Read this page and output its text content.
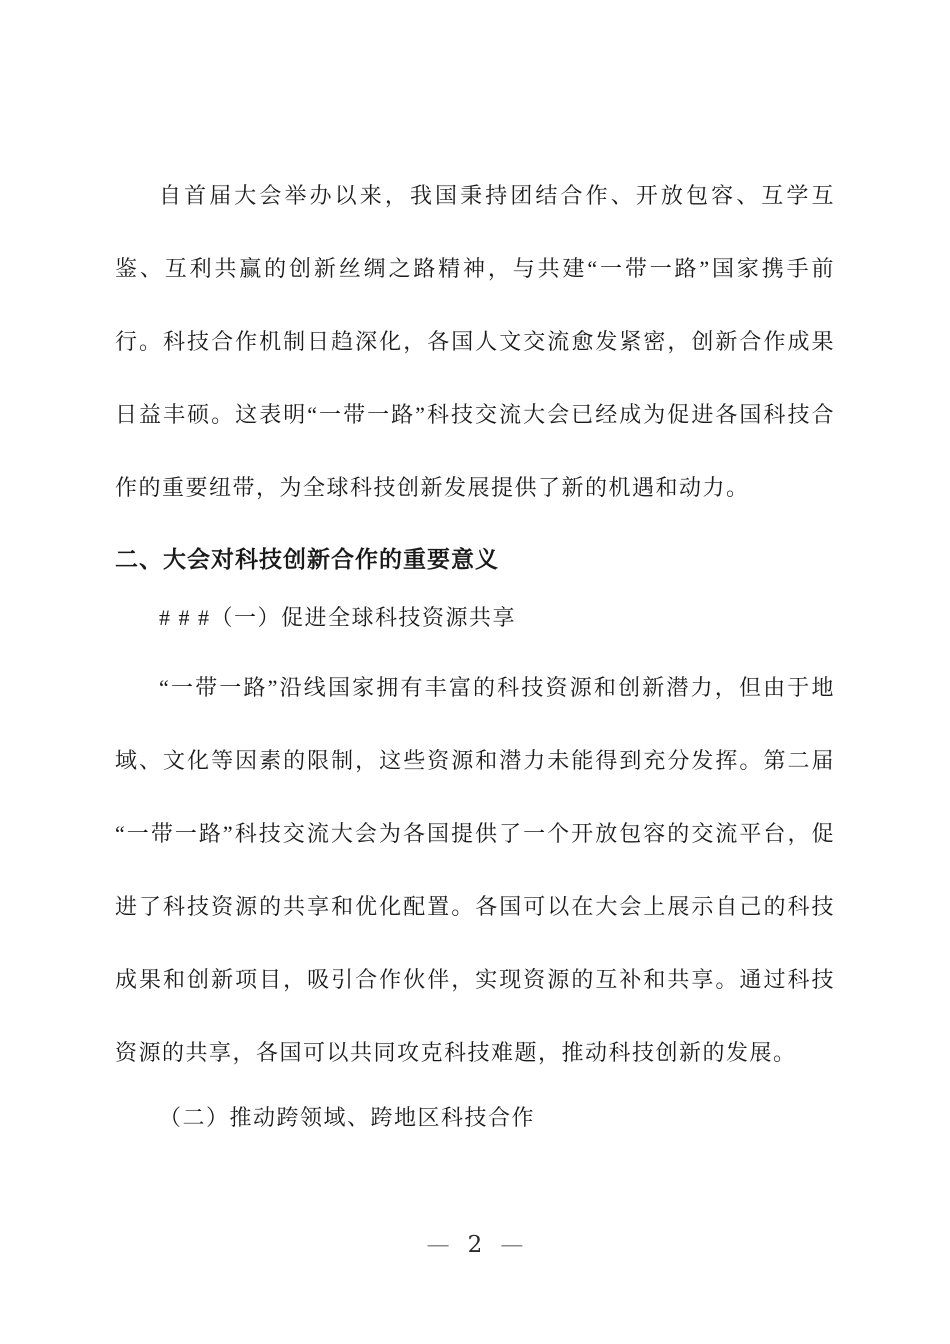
自首届大会举办以来，我国秉持团结合作、开放包容、互学互鉴、互利共赢的创新丝绸之路精神，与共建“一带一路”国家携手前行。科技合作机制日趋深化，各国人文交流愈发紧密，创新合作成果日益丰硕。这表明“一带一路”科技交流大会已经成为促进各国科技合作的重要纽带，为全球科技创新发展提供了新的机遇和动力。

二、大会对科技创新合作的重要意义

# # #（一）促进全球科技资源共享

“一带一路”沿线国家拥有丰富的科技资源和创新潜力，但由于地域、文化等因素的限制，这些资源和潜力未能得到充分发挥。第二届“一带一路”科技交流大会为各国提供了一个开放包容的交流平台，促进了科技资源的共享和优化配置。各国可以在大会上展示自己的科技成果和创新项目，吸引合作伙伴，实现资源的互补和共享。通过科技资源的共享，各国可以共同攻克科技难题，推动科技创新的发展。

（二）推动跨领域、跨地区科技合作

— 2 —
